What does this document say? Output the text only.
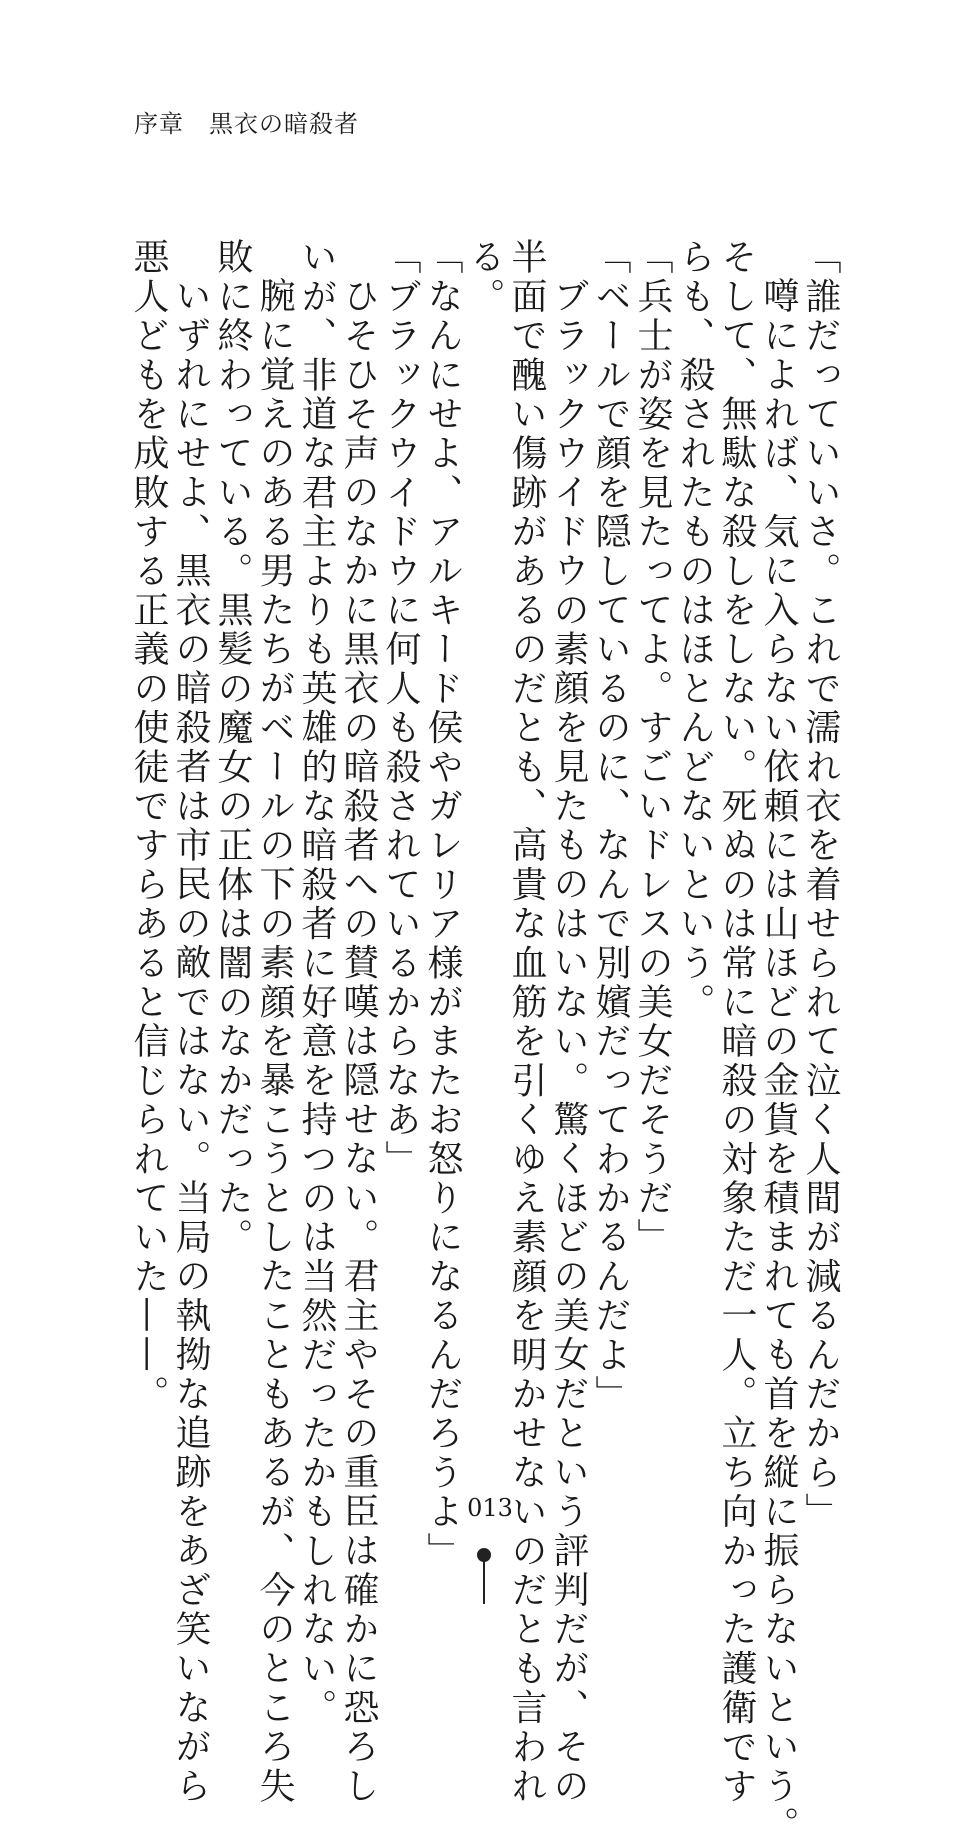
序章　黒衣の暗殺者
「誰だっていいさ。これで濡れ衣を着せられて泣く人間が減るんだから」
噂によれば、気に入らない依頼には山ほどの金貨を積まれても首を縦に振らないという。
そして、無駄な殺しをしない。死ぬのは常に暗殺の対象ただ一人。立ち向かった護衛です
らも、殺されたものはほとんどないという。
「兵士が姿を見たってよ。すごいドレスの美女だそうだ」
「ベールで顔を隠しているのに、なんで別嬪だってわかるんだよ」
ブラックウイドウの素顔を見たものはいない。驚くほどの美女だという評判だが、その
半面で醜い傷跡があるのだとも、高貴な血筋を引くゆえ素顔を明かせないのだとも言われ
る。
「なんにせよ、アルキード侯やガレリア様がまたお怒りになるんだろうよ」
「ブラックウイドウに何人も殺されているからなあ」
ひそひそ声のなかに黒衣の暗殺者への賛嘆は隠せない。君主やその重臣は確かに恐ろし
いが、非道な君主よりも英雄的な暗殺者に好意を持つのは当然だったかもしれない。
腕に覚えのある男たちがベールの下の素顔を暴こうとしたこともあるが、今のところ失
敗に終わっている。黒髪の魔女の正体は闇のなかだった。
いずれにせよ、黒衣の暗殺者は市民の敵ではない。当局の執拗な追跡をあざ笑いながら
悪人どもを成敗する正義の使徒ですらあると信じられていた——。
013
